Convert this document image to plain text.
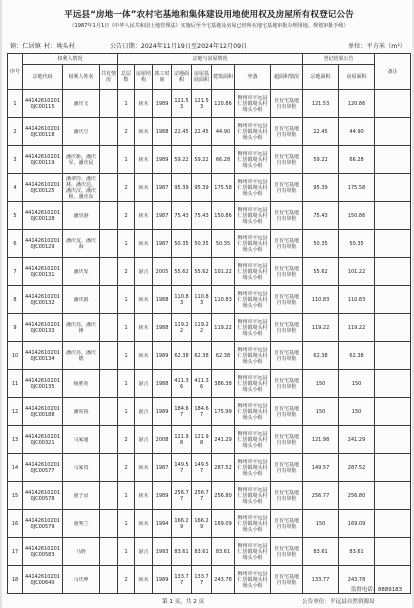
平远县“房地一体”农村宅基地和集体建设用地使用权及房屋所有权登记公告
（1987年1月1日《中华人民共和国土地管理法》实施后至今宅基地及房屋已经所在地宅基地审批办理用地、规划审批手续）
镇：仁居镇 村：坳头村	公告日期：2024年11月19日至2024年12月09日	单位：平方米（m²）
序号	权利人情况			宗地与房屋情况								登记结果公告		备注
	宗地代码	权利人姓名	共有情况	总层数	房屋结构	竣工时间	宗地面积	房屋基底面积	建筑面积	坐落	超面积情况	宗地面积	房屋面积	

1	441426102010JC00115	潘庆文		1	砖木	1989	121.53	121.53	120.86	梅州市平远县仁居镇坳头村坳头小组	自有宅基地 自有审批	121.53	120.86	

2	441426102010JC00118	潘庆豆		2	砖木	1988	22.45	22.45	44.90	梅州市平远县仁居镇坳头村坳头小组	自有宅基地 自有审批	22.45	44.90	

3	441426102010JC00119	潘庆新、潘庆军、潘庆民		1	砖木	1989	59.22	59.22	66.28	梅州市平远县仁居镇坳头村坳头小组	自有宅基地 自有审批	59.22	66.28	

4	441426102010JC00125	潘翠玲、潘庆林、潘庆达、潘庆汉、潘庆和、潘庆东		2	砖木	1987	95.39	95.39	175.58	梅州市平远县仁居镇坳头村坳头小组	自有宅基地 自有审批	95.39	175.58	

5	441426102010JC00128	潘崇港		2	砖木	1987	75.43	75.43	150.86	梅州市平远县仁居镇坳头村坳头小组	自有宅基地 自有审批	75.43	150.86	

6	441426102010JC00129	潘庆友、潘庆海		1	砖木	1987	50.35	50.35	50.35	梅州市平远县仁居镇坳头村坳头小组	自有宅基地 自有审批	50.35	50.35	

7	441426102010JC00131	潘庆发		2	混合	2005	55.62	55.62	101.22	梅州市平远县仁居镇坳头村坳头小组	自有宅基地 自有审批	55.62	101.22	

8	441426102010JC00132	潘庆娟		1	砖木	1988	110.83	110.83	110.83	梅州市平远县仁居镇坳头村坳头小组	自有宅基地 自有审批	110.83	110.83	

9	441426102010JC00133	潘庆亮、潘庆锋		1	砖木	1988	119.22	119.22	119.22	梅州市平远县仁居镇坳头村坳头小组	自有宅基地 自有审批	119.22	119.22	

10	441426102010JC00134	潘庆亮、潘庆德		1	砖木	1989	62.38	62.38	62.38	梅州市平远县仁居镇坳头村坳头小组	自有宅基地 自有审批	62.38	62.38	

11	441426102010JC00135	杨胜英		1	混合	1988	411.36	411.36	386.38	梅州市平远县仁居镇坳头村坳头小组	自有宅基地 自有审批	150	150	

12	441426102010JC00188	潘常裕		1	混合	1989	184.67	184.67	175.99	梅州市平远县仁居镇坳头村坳头小组	自有宅基地 自有审批	150	150	

13	441426102010JC00321	马家通		2	混合	2008	121.98	121.98	241.29	梅州市平远县仁居镇坳头村坳头小组	自有宅基地 自有审批	121.98	241.29	

14	441426102010JC00577	马家贵		2	砖木	1987	149.57	149.57	287.52	梅州市平远县仁居镇坳头村坳头小组	自有宅基地 自有审批	149.57	287.52	

15	441426102010JC00578	童子贞		1	砖木	1989	256.77	256.77	256.80	梅州市平远县仁居镇坳头村坳头小组	自有宅基地 自有审批	256.77	256.80	

16	441426102010JC00579	童秀兰		1	砖木	1994	166.29	166.29	169.09	梅州市平远县仁居镇坳头村坳头小组	自有宅基地 自有审批	150	169.09	

17	441426102010JC00583	马胜		1	混合	1993	83.61	83.61	83.61	梅州市平远县仁居镇坳头村坳头小组	自有宅基地 自有审批	83.61	83.61	

18	441426102010JC00640	马庆坤		2	砖木	1989	133.77	133.77	243.78	梅州市平远县仁居镇坳头村坳头小组	自有宅基地 自有审批	133.77	243.78	

监督电话：8889183
第 1 页，共 2 页	公告单位：平远县自然资源局
